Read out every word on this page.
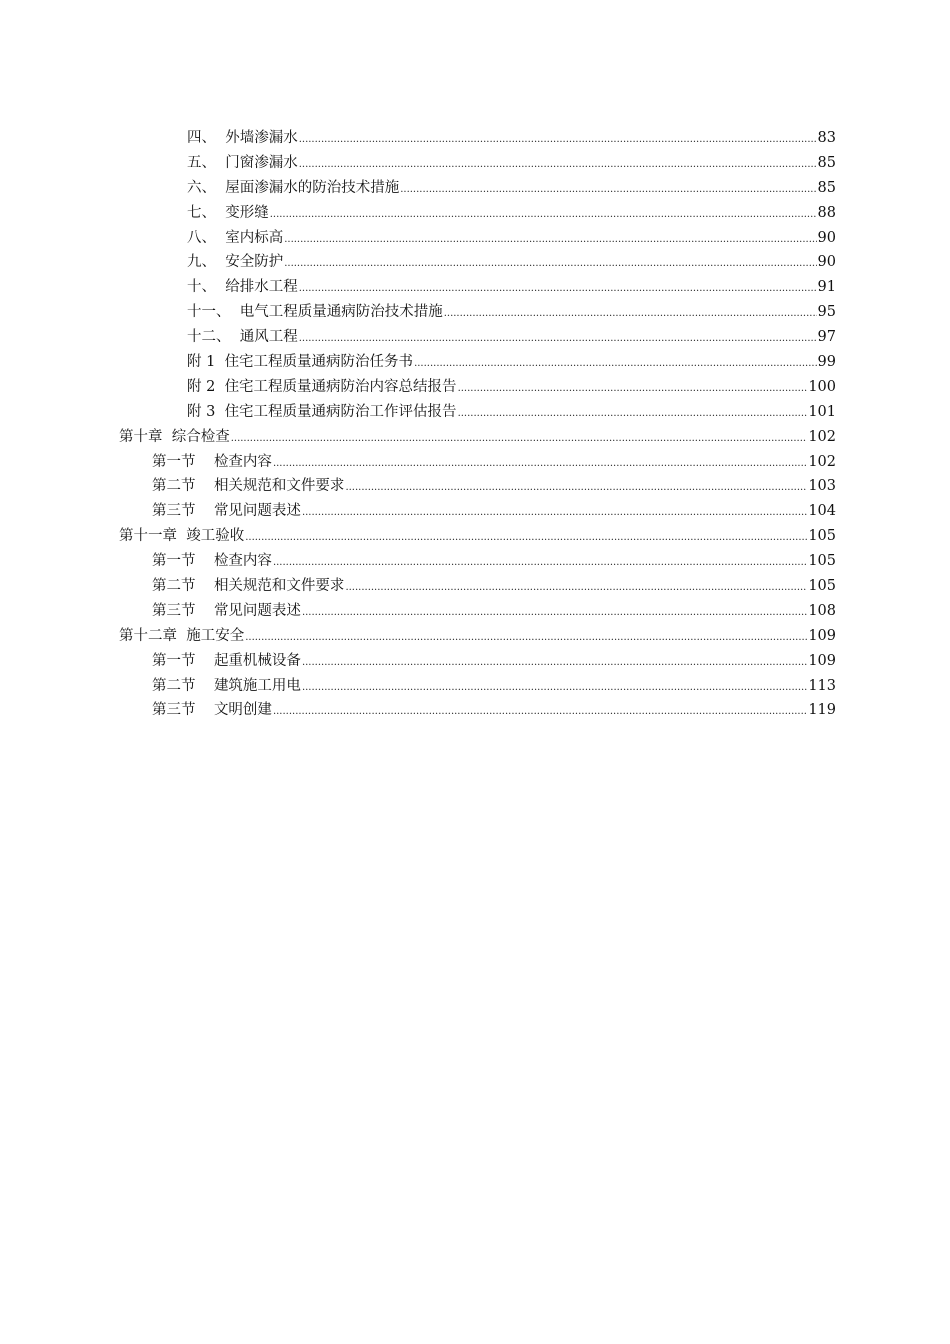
四、 外墙渗漏水 .....	83
五、 门窗渗漏水 .....	85
六、 屋面渗漏水的防治技术措施 .....	85
七、 变形缝 .....	88
八、 室内标高 .....	90
九、 安全防护 .....	90
十、 给排水工程 .....	91
十一、 电气工程质量通病防治技术措施 .....	95
十二、 通风工程 .....	97
附 1 住宅工程质量通病防治任务书 .....	99
附 2 住宅工程质量通病防治内容总结报告 .....	100
附 3 住宅工程质量通病防治工作评估报告 .....	101
第十章 综合检查 .....	102
第一节 检查内容 .....	102
第二节 相关规范和文件要求 .....	103
第三节 常见问题表述 .....	104
第十一章 竣工验收 .....	105
第一节 检查内容 .....	105
第二节 相关规范和文件要求 .....	105
第三节 常见问题表述 .....	108
第十二章 施工安全 .....	109
第一节 起重机械设备 .....	109
第二节 建筑施工用电 .....	113
第三节 文明创建 .....	119
